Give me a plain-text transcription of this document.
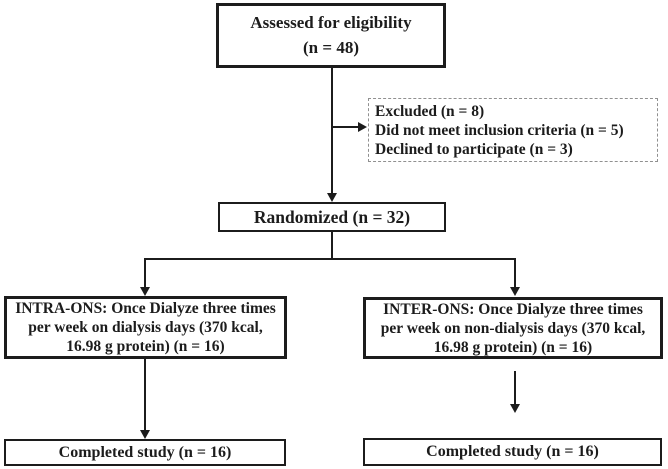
Assessed for eligibility
(n = 48)
Excluded (n = 8)
Did not meet inclusion criteria (n = 5)
Declined to participate (n = 3)
Randomized (n = 32)
INTRA-ONS: Once Dialyze three times
per week on dialysis days (370 kcal,
16.98 g protein) (n = 16)
INTER-ONS: Once Dialyze three times
per week on non-dialysis days (370 kcal,
16.98 g protein) (n = 16)
Completed study (n = 16)	Completed study (n = 16)
